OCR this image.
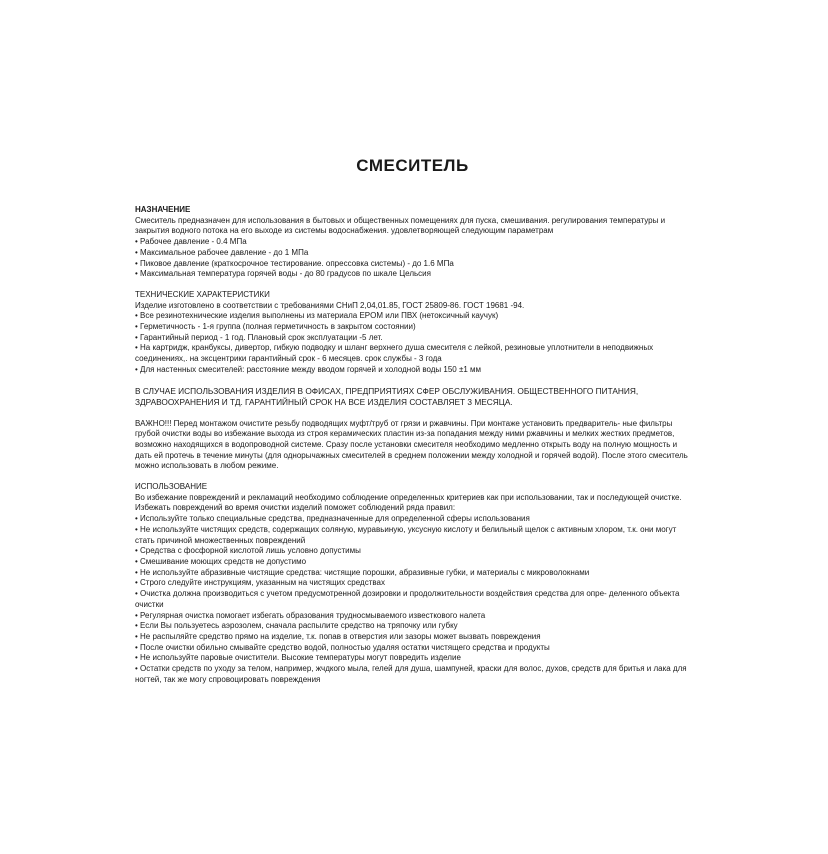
СМЕСИТЕЛЬ

НАЗНАЧЕНИЕ

Смеситель предназначен для использования в бытовых и общественных помещениях для пуска, смешивания. регулирования температуры и закрытия водного потока на его выходе из системы водоснабжения. удовлетворяющей следующим параметрам

• Рабочее давление - 0.4 МПа
• Максимальное рабочее давление - до 1 МПа
• Пиковое давление (краткосрочное тестирование. опрессовка системы) - до 1.6 МПа
• Максимальная температура горячей воды - до 80 градусов по шкале Цельсия

ТЕХНИЧЕСКИЕ ХАРАКТЕРИСТИКИ

Изделие изготовлено в соответствии с требованиями СНиП 2,04,01.85, ГОСТ 25809-86. ГОСТ 19681 -94.

• Все резинотехнические изделия выполнены из материала EPOM или ПВХ (нетоксичный каучук)
• Герметичность - 1-я группа (полная герметичность в закрытом состоянии)
• Гарантийный период - 1 год. Плановый срок эксплуатации -5 лет.
• На картридж, кранбуксы, дивертор, гибкую подводку и шланг верхнего душа смесителя с лейкой, резиновые уплотнители в неподвижных соединениях,. на эксцентрики гарантийный срок - 6 месяцев. срок службы - 3 года
• Для настенных смесителей: расстояние между вводом горячей и холодной воды 150 ±1 мм

В СЛУЧАЕ ИСПОЛЬЗОВАНИЯ ИЗДЕЛИЯ В ОФИСАХ, ПРЕДПРИЯТИЯХ СФЕР ОБСЛУЖИВАНИЯ. ОБЩЕСТВЕННОГО ПИТАНИЯ, ЗДРАВООХРАНЕНИЯ И ТД. ГАРАНТИЙНЫЙ СРОК НА ВСЕ ИЗДЕЛИЯ СОСТАВЛЯЕТ 3 МЕСЯЦА.

ВАЖНО!!! Перед монтажом очистите резьбу подводящих муфт/труб от грязи и ржавчины. При монтаже установить предваритель- ные фильтры грубой очистки воды во избежание выхода из строя керамических пластин из-за попадания между ними ржавчины и мелких жестких предметов, возможно находящихся в водопроводной системе. Сразу после установки смесителя необходимо медленно открыть воду на полную мощность и дать ей протечь в течение минуты (для однорычажных смесителей в среднем положении между холодной и горячей водой). После этого смеситель можно использовать в любом режиме.

ИСПОЛЬЗОВАНИЕ

Во избежание повреждений и рекламаций необходимо соблюдение определенных критериев как при использовании, так и последующей очистке. Избежать повреждений во время очистки изделий поможет соблюдений ряда правил:

• Используйте только специальные средства, предназначенные для определенной сферы использования
• Не используйте чистящих средств, содержащих соляную, муравьиную, уксусную кислоту и белильный щелок с активным хлором, т.к. они могут стать причиной множественных повреждений
• Средства с фосфорной кислотой лишь условно допустимы
• Смешивание моющих средств не допустимо
• Не используйте абразивные чистящие средства: чистящие порошки, абразивные губки, и материалы с микроволокнами
• Строго следуйте инструкциям, указанным на чистящих средствах
• Очистка должна производиться с учетом предусмотренной дозировки и продолжительности воздействия средства для опре- деленного объекта очистки
• Регулярная очистка помогает избегать образования трудносмываемого известкового налета
• Если Вы пользуетесь аэрозолем, сначала распылите средство на тряпочку или губку
• Не распыляйте средство прямо на изделие, т.к. попав в отверстия или зазоры может вызвать повреждения
• После очистки обильно смывайте средство водой, полностью удаляя остатки чистящего средства и продукты
• Не используйте паровые очистители. Высокие температуры могут повредить изделие
• Остатки средств по уходу за телом, например, жчдкого мыла, гелей для душа, шампуней, краски для волос, духов, средств для бритья и лака для ногтей, так же могу спровоцировать повреждения
